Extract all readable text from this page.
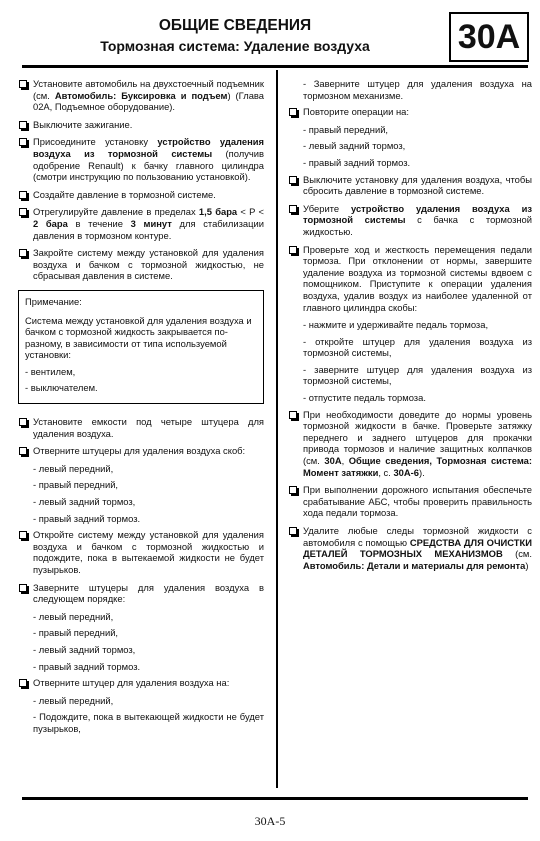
ОБЩИЕ СВЕДЕНИЯ
Тормозная система: Удаление воздуха	30A
Установите автомобиль на двухстоечный подъемник (см. Автомобиль: Буксировка и подъем) (Глава 02A, Подъемное оборудование).
Выключите зажигание.
Присоедините установку устройство удаления воздуха из тормозной системы (получив одобрение Renault) к бачку главного цилиндра (смотри инструкцию по пользованию установкой).
Создайте давление в тормозной системе.
Отрегулируйте давление в пределах 1,5 бара < P < 2 бара в течение 3 минут для стабилизации давления в тормозном контуре.
Закройте систему между установкой для удаления воздуха и бачком с тормозной жидкостью, не сбрасывая давления в системе.

Примечание:

Система между установкой для удаления воздуха и бачком с тормозной жидкость закрывается по-разному, в зависимости от типа используемой установки:

- вентилем,

- выключателем.

Установите емкости под четыре штуцера для удаления воздуха.
Отверните штуцеры для удаления воздуха скоб:
- левый передний,
- правый передний,
- левый задний тормоз,
- правый задний тормоз.
Откройте систему между установкой для удаления воздуха и бачком с тормозной жидкостью и подождите, пока в вытекаемой жидкости не будет пузырьков.
Заверните штуцеры для удаления воздуха в следующем порядке:
- левый передний,
- правый передний,
- левый задний тормоз,
- правый задний тормоз.
Отверните штуцер для удаления воздуха на:
- левый передний,
- Подождите, пока в вытекающей жидкости не будет пузырьков,
- Заверните штуцер для удаления воздуха на тормозном механизме.
Повторите операции на:
- правый передний,
- левый задний тормоз,
- правый задний тормоз.
Выключите установку для удаления воздуха, чтобы сбросить давление в тормозной системе.
Уберите устройство удаления воздуха из тормозной системы с бачка с тормозной жидкостью.
Проверьте ход и жесткость перемещения педали тормоза. При отклонении от нормы, завершите удаление воздуха из тормозной системы вдвоем с помощником. Приступите к операции удаления воздуха, удалив воздух из наиболее удаленной от главного цилиндра скобы:
- нажмите и удерживайте педаль тормоза,
- откройте штуцер для удаления воздуха из тормозной системы,
- заверните штуцер для удаления воздуха из тормозной системы,
- отпустите педаль тормоза.
При необходимости доведите до нормы уровень тормозной жидкости в бачке. Проверьте затяжку переднего и заднего штуцеров для прокачки привода тормозов и наличие защитных колпачков (см. 30A, Общие сведения, Тормозная система: Момент затяжки, с. 30A-6).
При выполнении дорожного испытания обеспечьте срабатывание АБС, чтобы проверить правильность хода педали тормоза.
Удалите любые следы тормозной жидкости с автомобиля с помощью СРЕДСТВА ДЛЯ ОЧИСТКИ ДЕТАЛЕЙ ТОРМОЗНЫХ МЕХАНИЗМОВ (см. Автомобиль: Детали и материалы для ремонта)
30A-5
